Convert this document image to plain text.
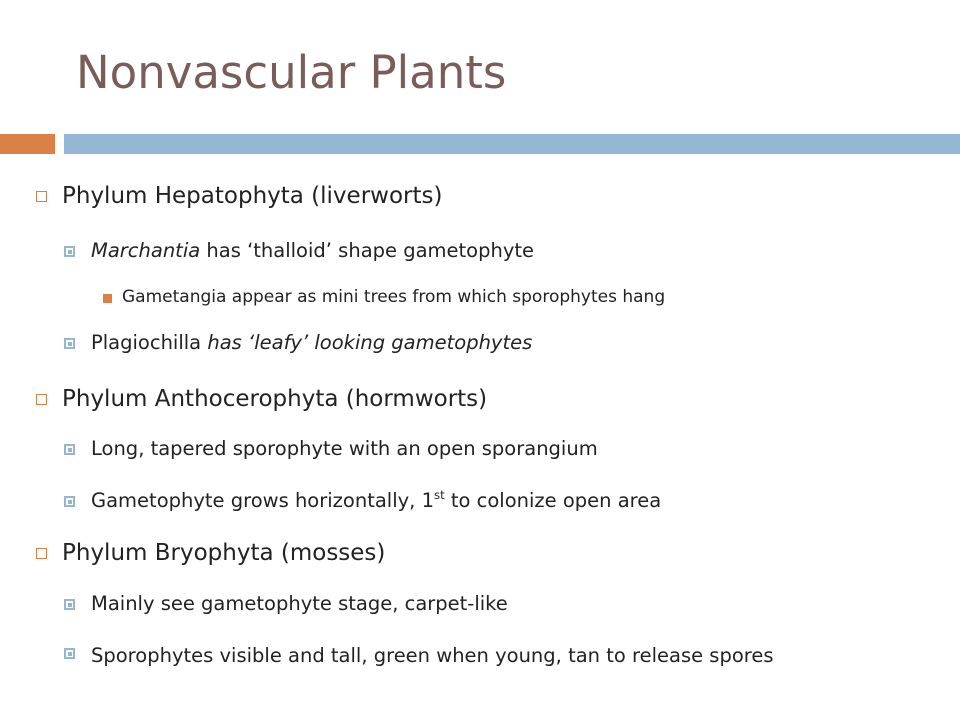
Nonvascular Plants
Phylum Hepatophyta (liverworts)
Marchantia has ‘thalloid’ shape gametophyte
Gametangia appear as mini trees from which sporophytes hang
Plagiochilla has ‘leafy’ looking gametophytes
Phylum Anthocerophyta (hormworts)
Long, tapered sporophyte with an open sporangium
Gametophyte grows horizontally, 1st to colonize open area
Phylum Bryophyta (mosses)
Mainly see gametophyte stage, carpet-like
Sporophytes visible and tall, green when young, tan to release spores
